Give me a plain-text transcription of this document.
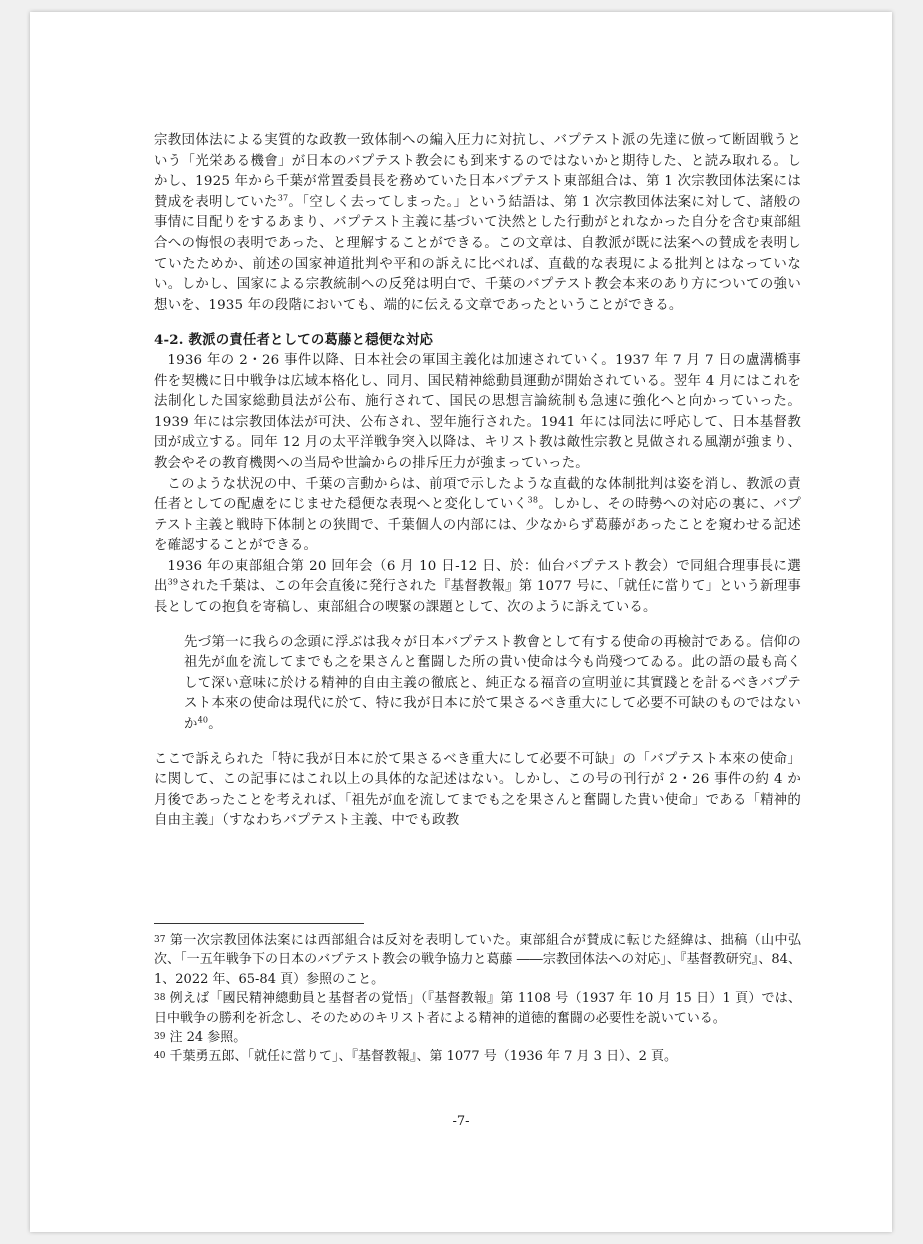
宗教団体法による実質的な政教一致体制への編入圧力に対抗し、バプテスト派の先達に倣って断固戦うという「光栄ある機會」が日本のバプテスト教会にも到来するのではないかと期待した、と読み取れる。しかし、1925 年から千葉が常置委員長を務めていた日本バプテスト東部組合は、第 1 次宗教団体法案には賛成を表明していた$^{37}$。「空しく去ってしまった。」という結語は、第 1 次宗教団体法案に対して、諸般の事情に目配りをするあまり、バプテスト主義に基づいて決然とした行動がとれなかった自分を含む東部組合への悔恨の表明であった、と理解することができる。この文章は、自教派が既に法案への賛成を表明していたためか、前述の国家神道批判や平和の訴えに比べれば、直截的な表現による批判とはなっていない。しかし、国家による宗教統制への反発は明白で、千葉のバプテスト教会本来のあり方についての強い想いを、1935 年の段階においても、端的に伝える文章であったということができる。

4-2. 教派の責任者としての葛藤と穏便な対応

1936 年の 2・26 事件以降、日本社会の軍国主義化は加速されていく。1937 年 7 月 7 日の盧溝橋事件を契機に日中戦争は広域本格化し、同月、国民精神総動員運動が開始されている。翌年 4 月にはこれを法制化した国家総動員法が公布、施行されて、国民の思想言論統制も急速に強化へと向かっていった。1939 年には宗教団体法が可決、公布され、翌年施行された。1941 年には同法に呼応して、日本基督教団が成立する。同年 12 月の太平洋戦争突入以降は、キリスト教は敵性宗教と見做される風潮が強まり、教会やその教育機関への当局や世論からの排斥圧力が強まっていった。

このような状況の中、千葉の言動からは、前項で示したような直截的な体制批判は姿を消し、教派の責任者としての配慮をにじませた穏便な表現へと変化していく$^{38}$。しかし、その時勢への対応の裏に、バプテスト主義と戦時下体制との狭間で、千葉個人の内部には、少なからず葛藤があったことを窺わせる記述を確認することができる。

1936 年の東部組合第 20 回年会（6 月 10 日-12 日、於：仙台バプテスト教会）で同組合理事長に選出$^{39}$された千葉は、この年会直後に発行された『基督教報』第 1077 号に、「就任に當りて」という新理事長としての抱負を寄稿し、東部組合の喫緊の課題として、次のように訴えている。

先づ第一に我らの念頭に浮ぶは我々が日本バプテスト教會として有する使命の再檢討である。信仰の祖先が血を流してまでも之を果さんと奮闘した所の貴い使命は今も尚殘つてゐる。此の語の最も高くして深い意味に於ける精神的自由主義の徹底と、純正なる福音の宣明並に其實踐とを計るべきバプテスト本來の使命は現代に於て、特に我が日本に於て果さるべき重大にして必要不可缺のものではないか$^{40}$。

ここで訴えられた「特に我が日本に於て果さるべき重大にして必要不可缺」の「バプテスト本來の使命」に関して、この記事にはこれ以上の具体的な記述はない。しかし、この号の刊行が 2・26 事件の約 4 か月後であったことを考えれば、「祖先が血を流してまでも之を果さんと奮闘した貴い使命」である「精神的自由主義」（すなわちバプテスト主義、中でも政教

$^{37}$ 第一次宗教団体法案には西部組合は反対を表明していた。東部組合が賛成に転じた経緯は、拙稿（山中弘次、「一五年戦争下の日本のバプテスト教会の戦争協力と葛藤 ――宗教団体法への対応」、『基督教研究』、84、1、2022 年、65-84 頁）参照のこと。

$^{38}$ 例えば「國民精神總動員と基督者の覚悟」（『基督教報』第 1108 号（1937 年 10 月 15 日）1 頁）では、日中戦争の勝利を祈念し、そのためのキリスト者による精神的道徳的奮闘の必要性を説いている。

$^{39}$ 注 24 参照。

$^{40}$ 千葉勇五郎、「就任に當りて」、『基督教報』、第 1077 号（1936 年 7 月 3 日）、2 頁。

-7-
